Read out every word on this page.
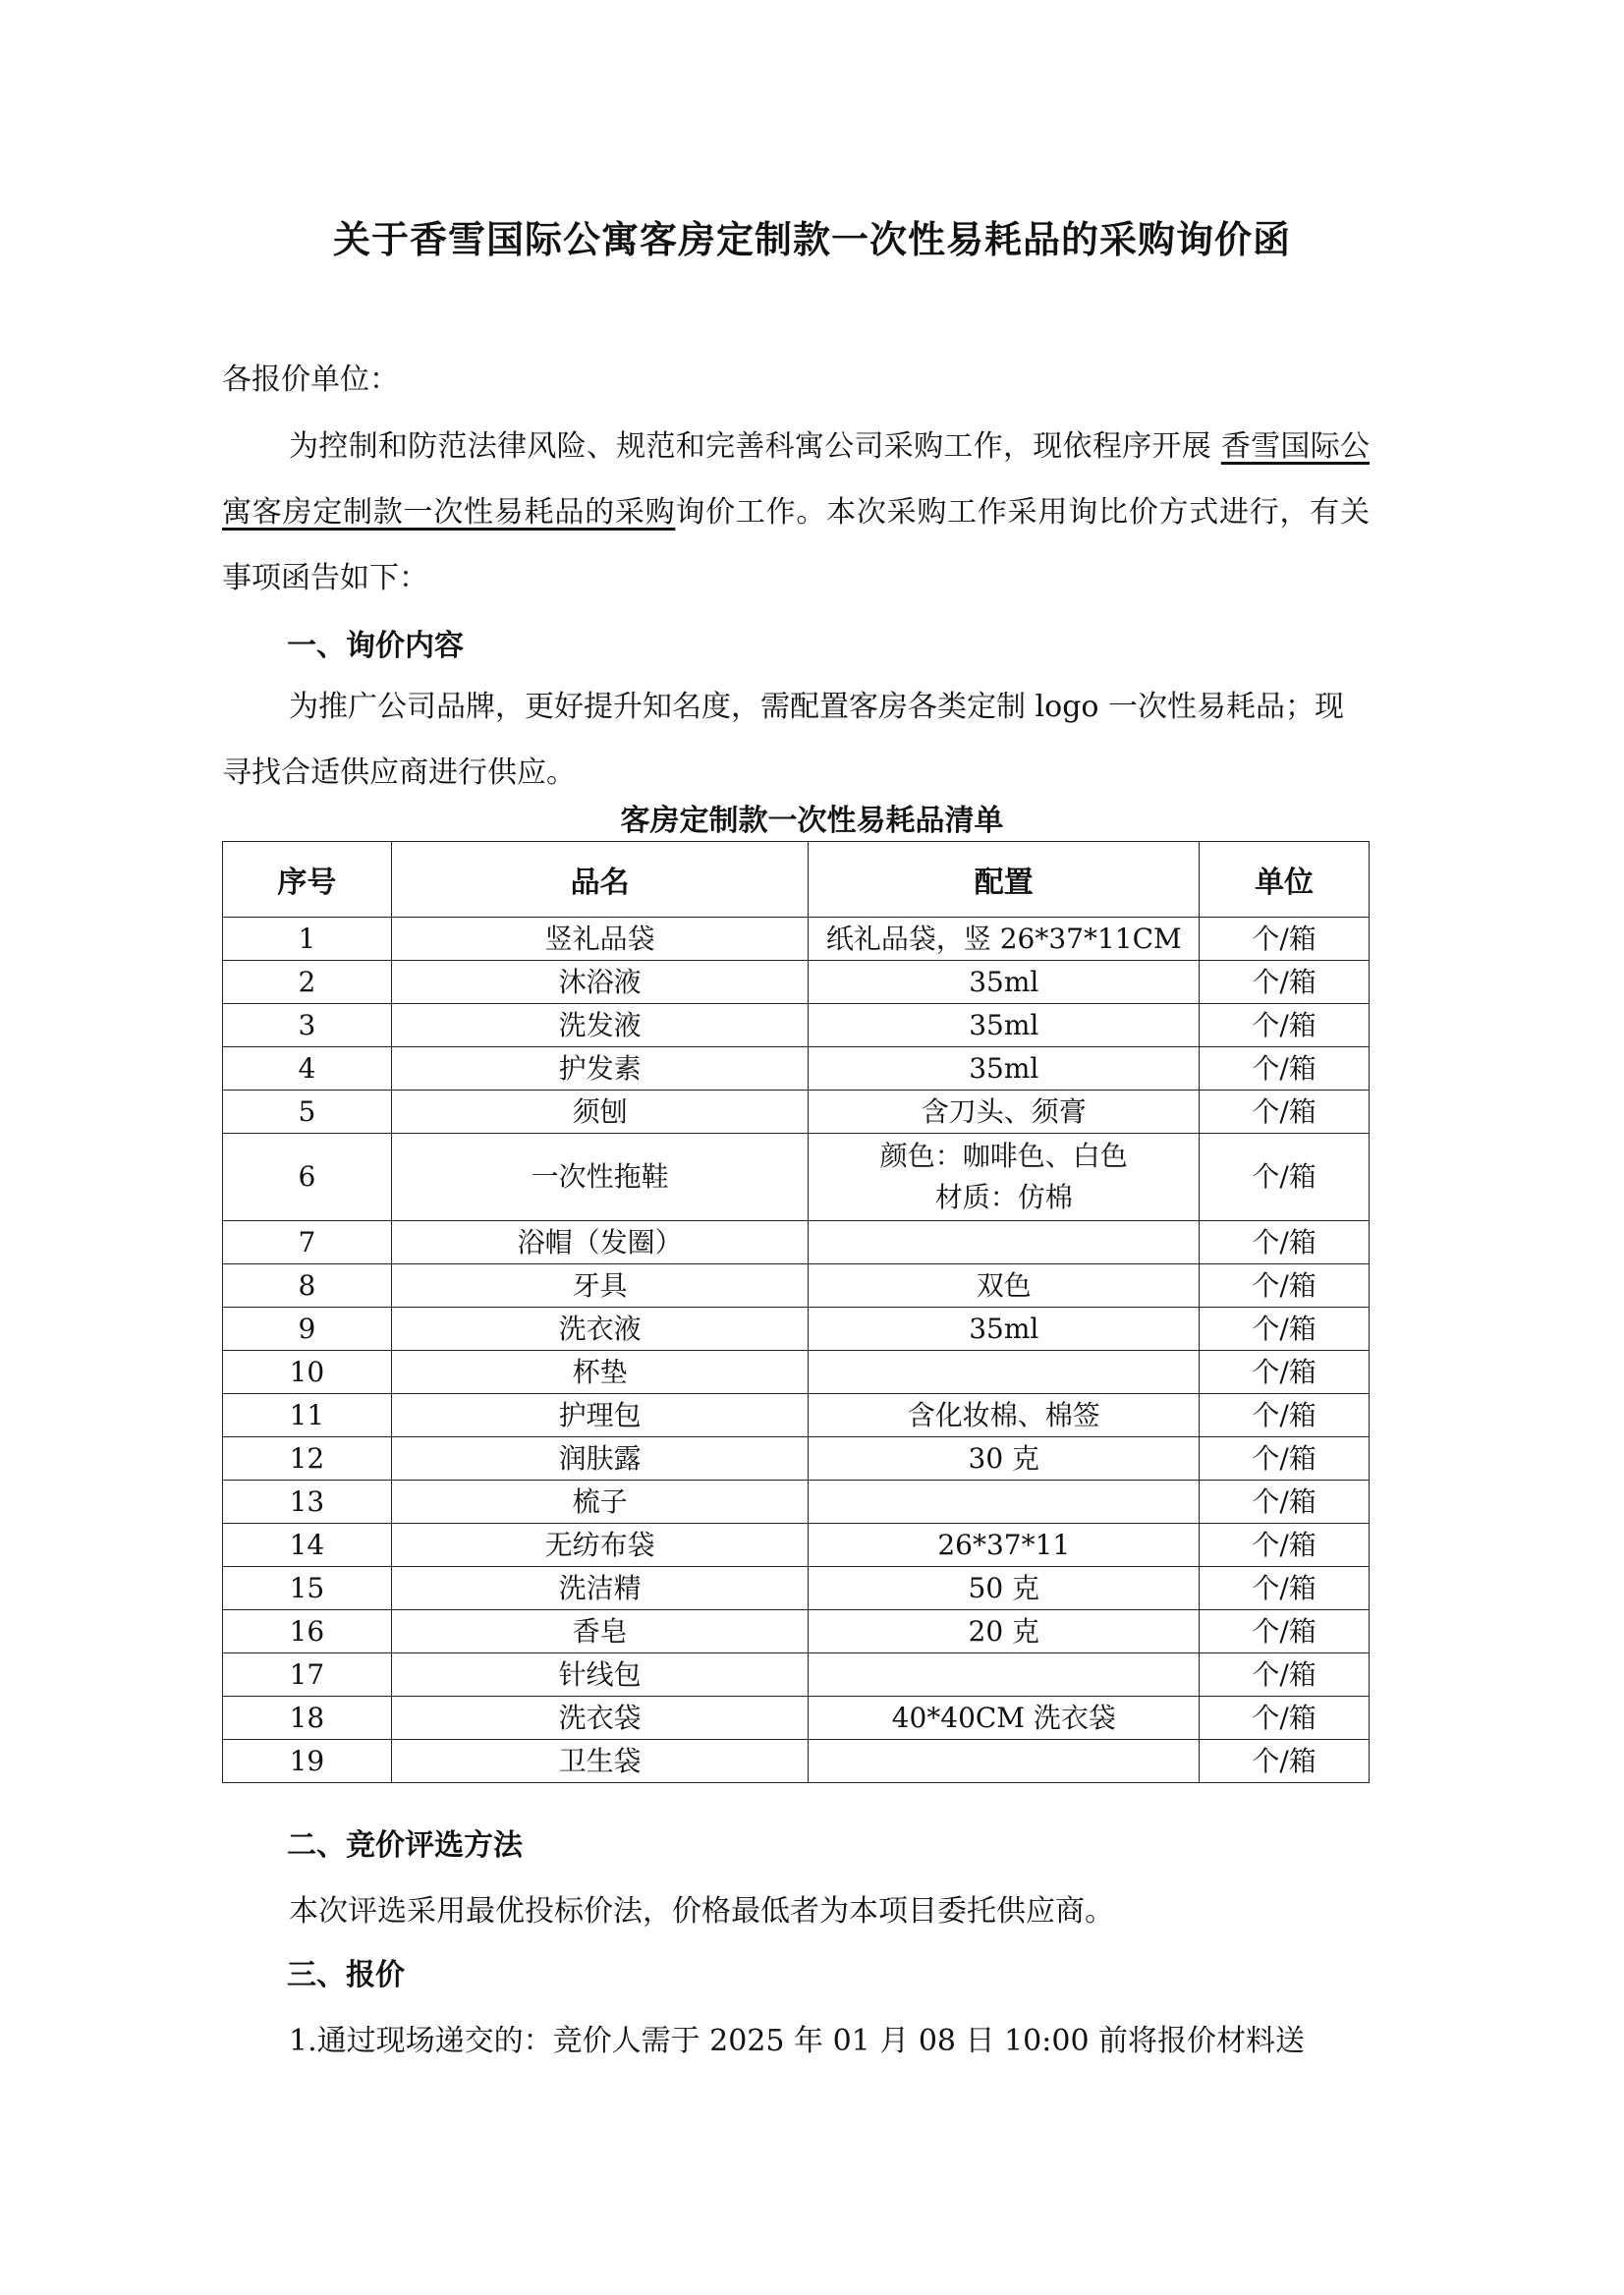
关于香雪国际公寓客房定制款一次性易耗品的采购询价函
各报价单位：
为控制和防范法律风险、规范和完善科寓公司采购工作，现依程序开展 香雪国际公寓客房定制款一次性易耗品的采购询价工作。本次采购工作采用询比价方式进行，有关事项函告如下：
一、询价内容
为推广公司品牌，更好提升知名度，需配置客房各类定制 logo 一次性易耗品；现寻找合适供应商进行供应。
客房定制款一次性易耗品清单
序号	品名	配置	单位
1	竖礼品袋	纸礼品袋，竖 26*37*11CM	个/箱
2	沐浴液	35ml	个/箱
3	洗发液	35ml	个/箱
4	护发素	35ml	个/箱
5	须刨	含刀头、须膏	个/箱
6	一次性拖鞋	颜色：咖啡色、白色
材质：仿棉	个/箱
7	浴帽（发圈）		个/箱
8	牙具	双色	个/箱
9	洗衣液	35ml	个/箱
10	杯垫		个/箱
11	护理包	含化妆棉、棉签	个/箱
12	润肤露	30 克	个/箱
13	梳子		个/箱
14	无纺布袋	26*37*11	个/箱
15	洗洁精	50 克	个/箱
16	香皂	20 克	个/箱
17	针线包		个/箱
18	洗衣袋	40*40CM 洗衣袋	个/箱
19	卫生袋		个/箱
二、竞价评选方法
本次评选采用最优投标价法，价格最低者为本项目委托供应商。
三、报价
1.通过现场递交的：竞价人需于 2025 年 01 月 08 日 10:00 前将报价材料送
